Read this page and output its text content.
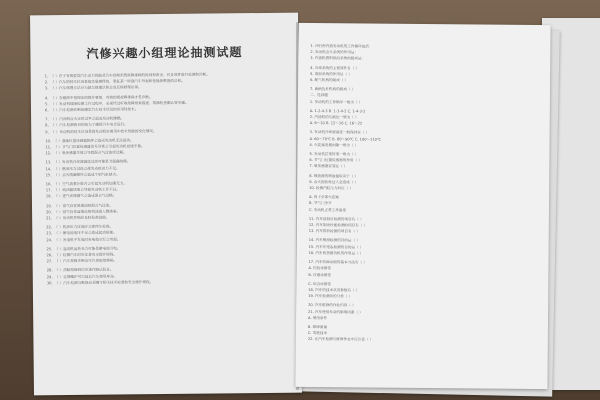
汽修兴趣小组理论抽测试题
1、（ ）在于有效提高汽车动力性能及汽车控制系统故障排除的时间和资金，对各部件进行检测和诊断。
2、（ ）汽车的技术状况是指定量测得的，表征某一时刻汽车外观和性能参数值的总和。
3、（ ）汽车修理方法分为就车修理法和总成互换修理法等。
4、（ ）在维修中按规定的操作要领，有效的把故障排除才是诊断。
5、（ ）发动机故障检测工作过程中，必须经过听取故障现象描述、故障检查确认等步骤。
6、（ ）汽车检测诊断是确定汽车技术状况的应用性技术。
7、（ ）汽油机点火正时过早会造成发动机爆燃。
8、（ ）汽车检测的目的是为了确保汽车安全运行。
9、（ ）发动机的技术状况是指发动机在使用中技术性能的变化情况。
10、（ ）曲轴位置传感器损坏会造成发动机无法起动。
11、（ ）节气门位置传感器信号异常会引起发动机怠速不稳。
12、（ ）氧传感器失效会导致混合气过浓或过稀。
13、（ ）发动机冷却液温度过高可能是节温器故障。
14、（ ）燃油压力过低会使发动机动力不足。
15、（ ）点火线圈损坏会造成个别气缸缺火。
16、（ ）空气流量计脏污会引起发动机加速无力。
17、（ ）喷油器堵塞会导致发动机工作不良。
18、（ ）进气系统漏气会造成混合气过稀。
19、（ ）排气管冒黑烟说明混合气过浓。
20、（ ）排气管冒蓝烟说明机油进入燃烧室。
21、（ ）发动机异响应及时检查排除。
22、（ ）机油压力过低应立即停车检查。
23、（ ）蓄电池电压不足会造成起动困难。
24、（ ）发电机不发电时充电指示灯会亮起。
25、（ ）起动机运转无力可能是蓄电池亏电。
26、（ ）检测汽车时应注意安全操作规程。
27、（ ）汽车故障诊断仪可以读取故障码。
28、（ ）清除故障码后应进行路试验证。
29、（ ）定期维护可以延长汽车使用寿命。
30、（ ）汽车检测与维修必须遵守相关技术标准和安全操作规程。
1. 四行程汽油发动机的工作循环包括：
2. 发动机点火系统的作用是：
3. 汽油机燃料供给系统的组成是：
4. 冷却系统的主要部件有（ ）
5. 润滑系统的作用是（ ）
6. 配气机构的组成（ ）
7. 曲柄连杆机构的组成（ ）
二、选择题
1. 发动机的工作顺序一般为（ ）
A. 1-2-4-3 B. 1-3-4-2 C. 1-4-3-2
2. 汽油机的压缩比一般为（ ）
A. 6～10 B. 12～16 C. 16～22
3. 发动机冷却液温度一般保持在（ ）
A. 60～70℃ B. 80～90℃ C. 100～110℃
4. 火花塞电极间隙一般为（ ）
5. 发动机怠速转速一般为（ ）
6. 节气门位置传感器的作用（ ）
7. 氧传感器安装在（ ）
8. 喷油器的喷油量取决于（ ）
9. 点火提前角过大会造成（ ）
10. 检测汽缸压力时应（ ）
A. 拆下全部火花塞
B. 节气门全开
C. 发动机正常工作温度
11. 汽车前照灯检测的项目有（ ）
12. 汽车制动性能检测的项目有（ ）
13. 汽车排放检测的项目有（ ）
14. 汽车侧滑检测的目的是（ ）
15. 汽车车速表检测的目的是（ ）
16. 汽车底盘测功机的作用是（ ）
17. 汽车故障诊断的基本方法有（ ）
A. 经验诊断法
B. 仪器诊断法
C. 综合诊断法
18. 汽车的技术状况参数有（ ）
19. 汽车检测站的分类（ ）
20. 汽车维修的作业内容（ ）
21. 汽车使用寿命的影响因素（ ）
A. 使用条件
B. 维修质量
C. 驾驶技术
22. 在汽车检测与维修作业中应注意（ ）
